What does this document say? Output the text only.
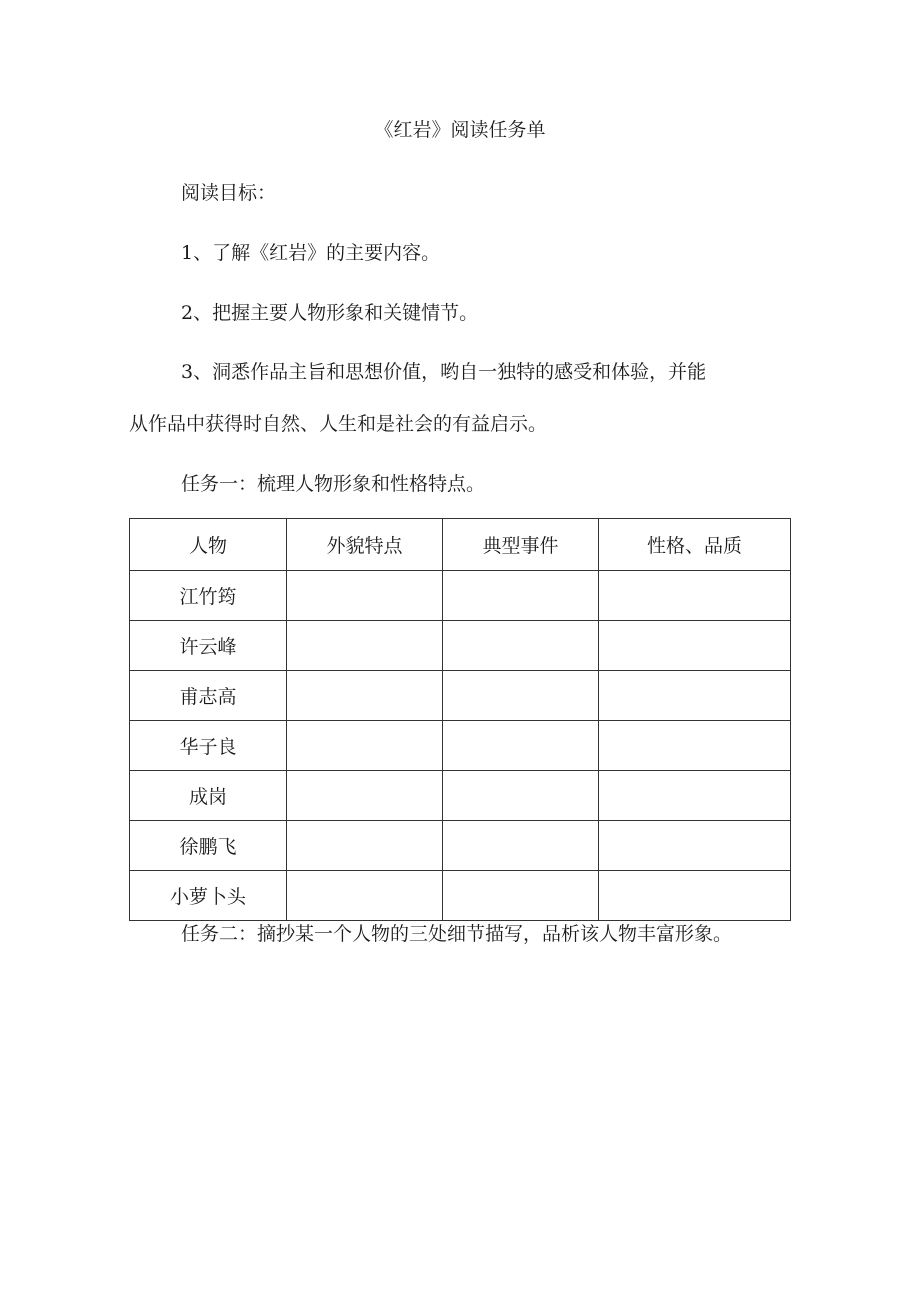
《红岩》阅读任务单
阅读目标：
1、了解《红岩》的主要内容。
2、把握主要人物形象和关键情节。
3、洞悉作品主旨和思想价值，哟自一独特的感受和体验，并能
从作品中获得时自然、人生和是社会的有益启示。
任务一：梳理人物形象和性格特点。
人物	外貌特点	典型事件	性格、品质
江竹筠			
许云峰			
甫志高			
华子良			
成岗			
徐鹏飞			
小萝卜头			
任务二：摘抄某一个人物的三处细节描写，品析该人物丰富形象。
